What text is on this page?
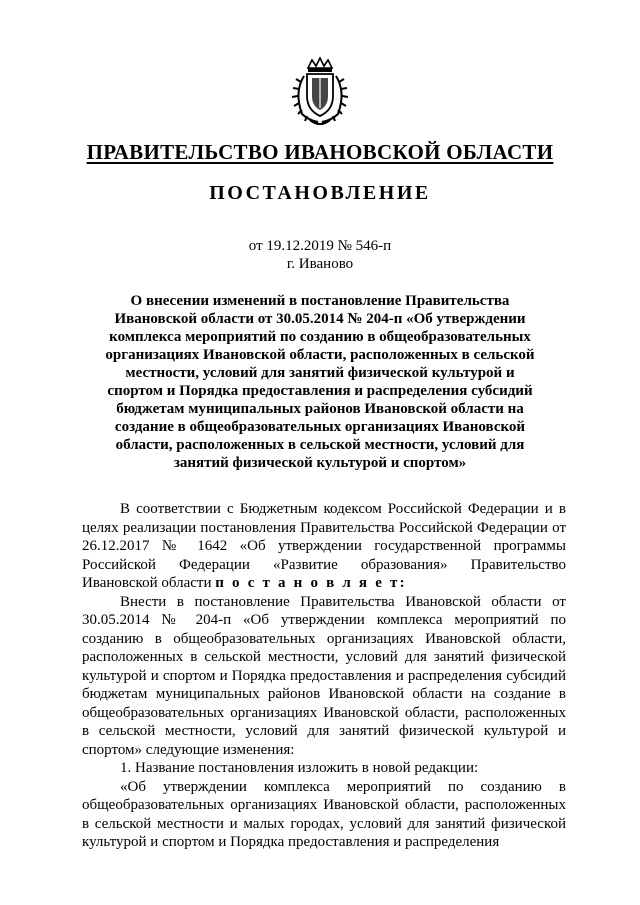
ПРАВИТЕЛЬСТВО ИВАНОВСКОЙ ОБЛАСТИ
ПОСТАНОВЛЕНИЕ
от 19.12.2019 № 546-п
г. Иваново
О внесении изменений в постановление Правительства Ивановской области от 30.05.2014 № 204-п «Об утверждении комплекса мероприятий по созданию в общеобразовательных организациях Ивановской области, расположенных в сельской местности, условий для занятий физической культурой и спортом и Порядка предоставления и распределения субсидий бюджетам муниципальных районов Ивановской области на создание в общеобразовательных организациях Ивановской области, расположенных в сельской местности, условий для занятий физической культурой и спортом»

В соответствии с Бюджетным кодексом Российской Федерации и в целях реализации постановления Правительства Российской Федерации от 26.12.2017 № 1642 «Об утверждении государственной программы Российской Федерации «Развитие образования» Правительство Ивановской области п о с т а н о в л я е т:

Внести в постановление Правительства Ивановской области от 30.05.2014 № 204-п «Об утверждении комплекса мероприятий по созданию в общеобразовательных организациях Ивановской области, расположенных в сельской местности, условий для занятий физической культурой и спортом и Порядка предоставления и распределения субсидий бюджетам муниципальных районов Ивановской области на создание в общеобразовательных организациях Ивановской области, расположенных в сельской местности, условий для занятий физической культурой и спортом» следующие изменения:

1. Название постановления изложить в новой редакции:

«Об утверждении комплекса мероприятий по созданию в общеобразовательных организациях Ивановской области, расположенных в сельской местности и малых городах, условий для занятий физической культурой и спортом и Порядка предоставления и распределения
